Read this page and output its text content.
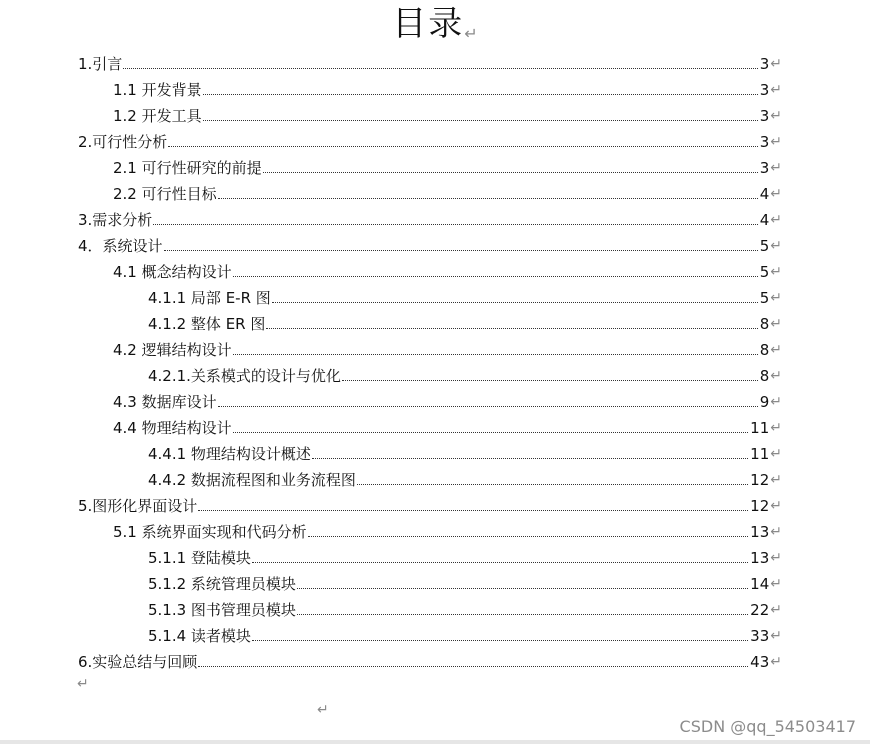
目录↵
1.引言	3 ↵
1.1 开发背景	3 ↵
1.2 开发工具	3 ↵
2.可行性分析	3 ↵
2.1 可行性研究的前提	3 ↵
2.2 可行性目标	4 ↵
3.需求分析	4 ↵
4．系统设计	5 ↵
4.1 概念结构设计	5 ↵
4.1.1 局部 E-R 图	5 ↵
4.1.2 整体 ER 图	8 ↵
4.2 逻辑结构设计	8 ↵
4.2.1.关系模式的设计与优化	8 ↵
4.3 数据库设计	9 ↵
4.4 物理结构设计	11 ↵
4.4.1 物理结构设计概述	11 ↵
4.4.2 数据流程图和业务流程图	12 ↵
5.图形化界面设计	12 ↵
5.1 系统界面实现和代码分析	13 ↵
5.1.1 登陆模块	13 ↵
5.1.2 系统管理员模块	14 ↵
5.1.3 图书管理员模块	22 ↵
5.1.4 读者模块	33 ↵
6.实验总结与回顾	43 ↵
↵
↵
CSDN @qq_54503417
